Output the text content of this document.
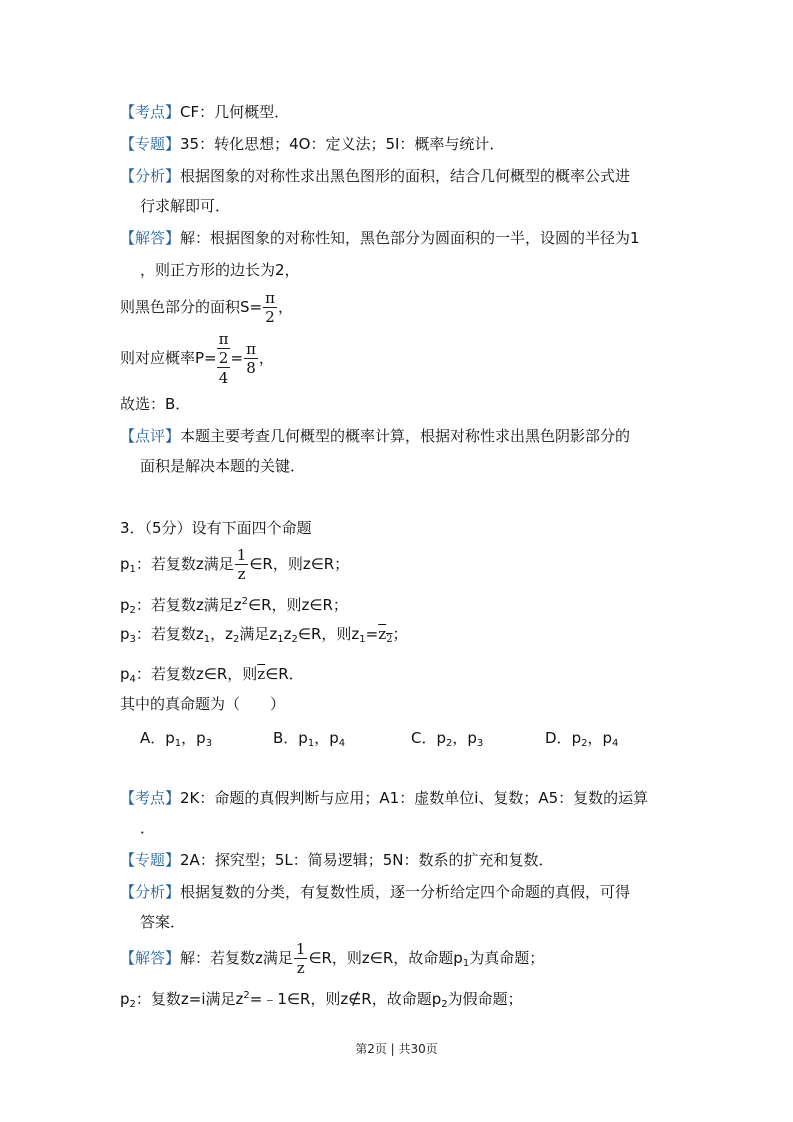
【考点】CF：几何概型．
【专题】35：转化思想；4O：定义法；5I：概率与统计．
【分析】根据图象的对称性求出黑色图形的面积，结合几何概型的概率公式进
行求解即可．
【解答】解：根据图象的对称性知，黑色部分为圆面积的一半，设圆的半径为1
，则正方形的边长为2，
则黑色部分的面积$S= \frac{\pi}{2}$ ，
则对应概率$P= \frac{\frac{\pi}{2}}{4} = \frac{\pi}{8}$ ，
故选：B．
【点评】本题主要考查几何概型的概率计算，根据对称性求出黑色阴影部分的
面积是解决本题的关键．
3．（5分）设有下面四个命题
$p_1$：若复数z满足 $\frac{1}{z}$ ∈R，则z∈R；
$p_2$：若复数z满足$z^2\in R$，则z∈R；
$p_3$：若复数$z_1$，$z_2$满足$z_1z_2\in R$，则$z_1=z_2$；
$p_4$：若复数z∈R，则$\overline{z}\in R$．
其中的真命题为（　　）
A．$p_1$，$p_3$	B．$p_1$，$p_4$	C．$p_2$，$p_3$	D．$p_2$，$p_4$
【考点】2K：命题的真假判断与应用；A1：虚数单位i、复数；A5：复数的运算
．
【专题】2A：探究型；5L：简易逻辑；5N：数系的扩充和复数．
【分析】根据复数的分类，有复数性质，逐一分析给定四个命题的真假，可得
答案．
【解答】解：若复数z满足 $\frac{1}{z}$ ∈R，则z∈R，故命题$p_1$为真命题；
$p_2$：复数z=i满足$z^2=﹣1\in R$，则z∉R，故命题$p_2$为假命题；
第2页 | 共30页
